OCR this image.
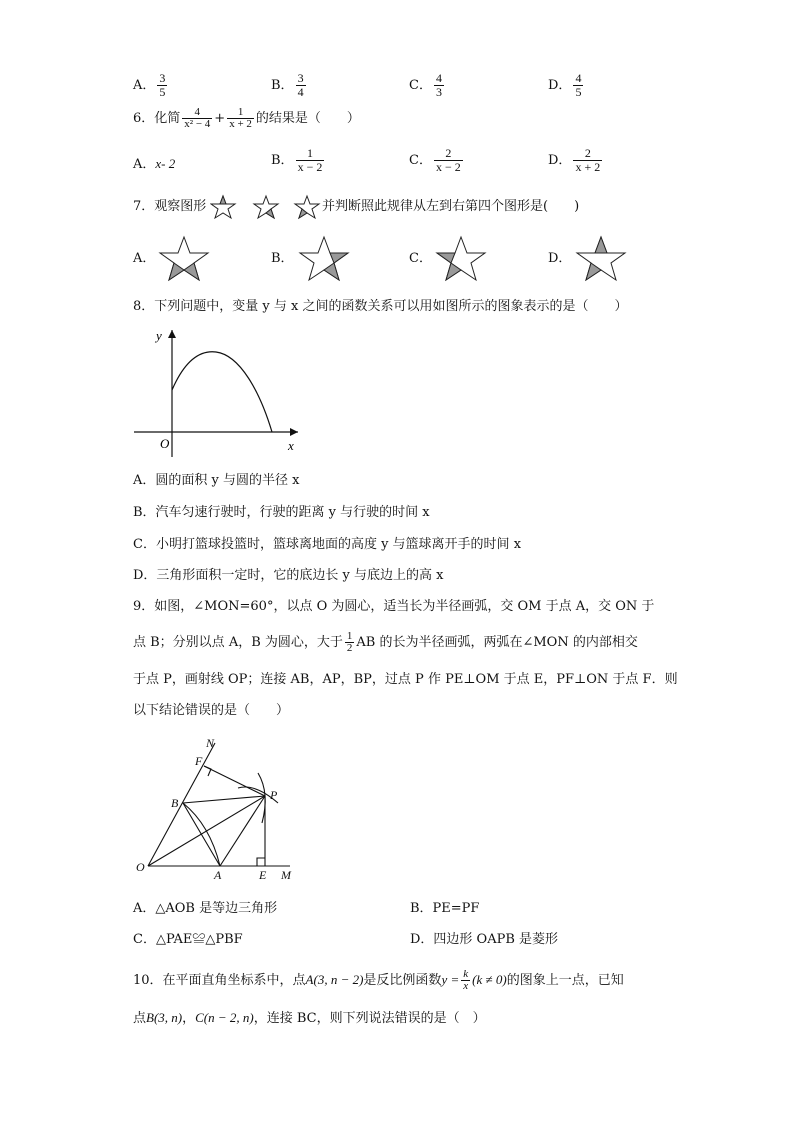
A． $\frac{3}{5}$	B． $\frac{3}{4}$	C． $\frac{4}{3}$	D． $\frac{4}{5}$
6．化简 $\frac{4}{\text{x² − 4}} + \frac{1}{x + 2}$ 的结果是（　　）
A．x- 2	B． $\frac{1}{x - 2}$	C． $\frac{2}{x - 2}$	D． $\frac{2}{x + 2}$
7．观察图形	并判断照此规律从左到右第四个图形是(　　)
A．	B．	C．	D．
8．下列问题中，变量 y 与 x 之间的函数关系可以用如图所示的图象表示的是（　　）
y
x
O
A．圆的面积 y 与圆的半径 x
B．汽车匀速行驶时，行驶的距离 y 与行驶的时间 x
C．小明打篮球投篮时，篮球离地面的高度 y 与篮球离开手的时间 x
D．三角形面积一定时，它的底边长 y 与底边上的高 x
9．如图，∠MON=60°，以点 O 为圆心，适当长为半径画弧，交 OM 于点 A，交 ON 于
点 B；分别以点 A，B 为圆心，大于 $\frac{1}{2}$ AB 的长为半径画弧，两弧在∠MON 的内部相交
于点 P，画射线 OP；连接 AB，AP，BP，过点 P 作 PE⊥OM 于点 E，PF⊥ON 于点 F．则
以下结论错误的是（　　）
N
F
B
P
O
A	E M
A．△AOB 是等边三角形	B．PE=PF
C．△PAE≌△PBF	D．四边形 OAPB 是菱形
10．在平面直角坐标系中，点A(3, n − 2)是反比例函数$y = \frac{k}{x} (k \ne 0)$的图象上一点，已知
点B(3, n)，C(n − 2, n)，连接 BC，则下列说法错误的是（　）
